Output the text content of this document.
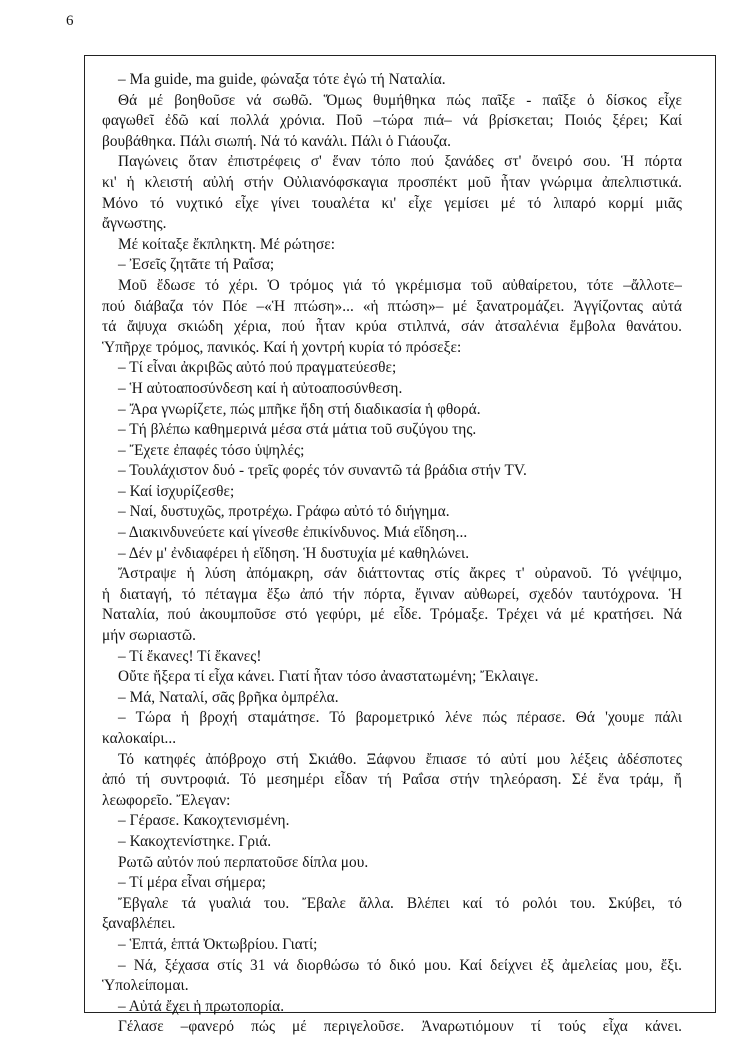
6
– Ma guide, ma guide, φώναξα τότε ἐγώ τή Ναταλία.
Θά μέ βοηθοῦσε νά σωθῶ. Ὅμως θυμήθηκα πώς παῖξε - παῖξε ὁ δίσκος εἶχε
φαγωθεῖ ἐδῶ καί πολλά χρόνια. Ποῦ –τώρα πιά– νά βρίσκεται; Ποιός ξέρει; Καί
βουβάθηκα. Πάλι σιωπή. Νά τό κανάλι. Πάλι ὁ Γιάουζα.
Παγώνεις ὅταν ἐπιστρέφεις σ' ἕναν τόπο πού ξανάδες στ' ὄνειρό σου. Ἡ πόρτα
κι' ἡ κλειστή αὐλή στήν Οὐλιανόφσκαγια προσπέκτ μοῦ ἦταν γνώριμα ἀπελπιστικά.
Μόνο τό νυχτικό εἶχε γίνει τουαλέτα κι' εἶχε γεμίσει μέ τό λιπαρό κορμί μιᾶς
ἄγνωστης.
Μέ κοίταξε ἔκπληκτη. Μέ ρώτησε:
– Ἐσεῖς ζητᾶτε τή Ραΐσα;
Μοῦ ἔδωσε τό χέρι. Ὁ τρόμος γιά τό γκρέμισμα τοῦ αὐθαίρετου, τότε –ἄλλοτε–
πού διάβαζα τόν Πόε –«Ἡ πτώση»... «ἡ πτώση»– μέ ξανατρομάζει. Ἀγγίζοντας αὐτά
τά ἄψυχα σκιώδη χέρια, πού ἦταν κρύα στιλπνά, σάν ἀτσαλένια ἔμβολα θανάτου.
Ὑπῆρχε τρόμος, πανικός. Καί ἡ χοντρή κυρία τό πρόσεξε:
– Τί εἶναι ἀκριβῶς αὐτό πού πραγματεύεσθε;
– Ἡ αὐτοαποσύνδεση καί ἡ αὐτοαποσύνθεση.
– Ἄρα γνωρίζετε, πώς μπῆκε ἤδη στή διαδικασία ἡ φθορά.
– Τή βλέπω καθημερινά μέσα στά μάτια τοῦ συζύγου της.
– Ἔχετε ἐπαφές τόσο ὑψηλές;
– Τουλάχιστον δυό - τρεῖς φορές τόν συναντῶ τά βράδια στήν TV.
– Καί ἰσχυρίζεσθε;
– Ναί, δυστυχῶς, προτρέχω. Γράφω αὐτό τό διήγημα.
– Διακινδυνεύετε καί γίνεσθε ἐπικίνδυνος. Μιά εἴδηση...
– Δέν μ' ἐνδιαφέρει ἡ εἴδηση. Ἡ δυστυχία μέ καθηλώνει.
Ἄστραψε ἡ λύση ἀπόμακρη, σάν διάττοντας στίς ἄκρες τ' οὐρανοῦ. Τό γνέψιμο,
ἡ διαταγή, τό πέταγμα ἔξω ἀπό τήν πόρτα, ἔγιναν αὐθωρεί, σχεδόν ταυτόχρονα. Ἡ
Ναταλία, πού ἀκουμποῦσε στό γεφύρι, μέ εἶδε. Τρόμαξε. Τρέχει νά μέ κρατήσει. Νά
μήν σωριαστῶ.
– Τί ἔκανες! Τί ἔκανες!
Οὔτε ἤξερα τί εἶχα κάνει. Γιατί ἦταν τόσο ἀναστατωμένη; Ἔκλαιγε.
– Μά, Ναταλί, σᾶς βρῆκα ὀμπρέλα.
– Τώρα ἡ βροχή σταμάτησε. Τό βαρομετρικό λένε πώς πέρασε. Θά 'χουμε πάλι
καλοκαίρι...
Τό κατηφές ἀπόβροχο στή Σκιάθο. Ξάφνου ἔπιασε τό αὐτί μου λέξεις ἀδέσποτες
ἀπό τή συντροφιά. Τό μεσημέρι εἶδαν τή Ραΐσα στήν τηλεόραση. Σέ ἕνα τράμ, ἤ
λεωφορεῖο. Ἔλεγαν:
– Γέρασε. Κακοχτενισμένη.
– Κακοχτενίστηκε. Γριά.
Ρωτῶ αὐτόν πού περπατοῦσε δίπλα μου.
– Τί μέρα εἶναι σήμερα;
Ἔβγαλε τά γυαλιά του. Ἔβαλε ἄλλα. Βλέπει καί τό ρολόι του. Σκύβει, τό
ξαναβλέπει.
– Ἑπτά, ἑπτά Ὀκτωβρίου. Γιατί;
– Νά, ξέχασα στίς 31 νά διορθώσω τό δικό μου. Καί δείχνει ἐξ ἀμελείας μου, ἔξι.
Ὑπολείπομαι.
– Αὐτά ἔχει ἡ πρωτοπορία.
Γέλασε –φανερό πώς μέ περιγελοῦσε. Ἀναρωτιόμουν τί τούς εἶχα κάνει.
